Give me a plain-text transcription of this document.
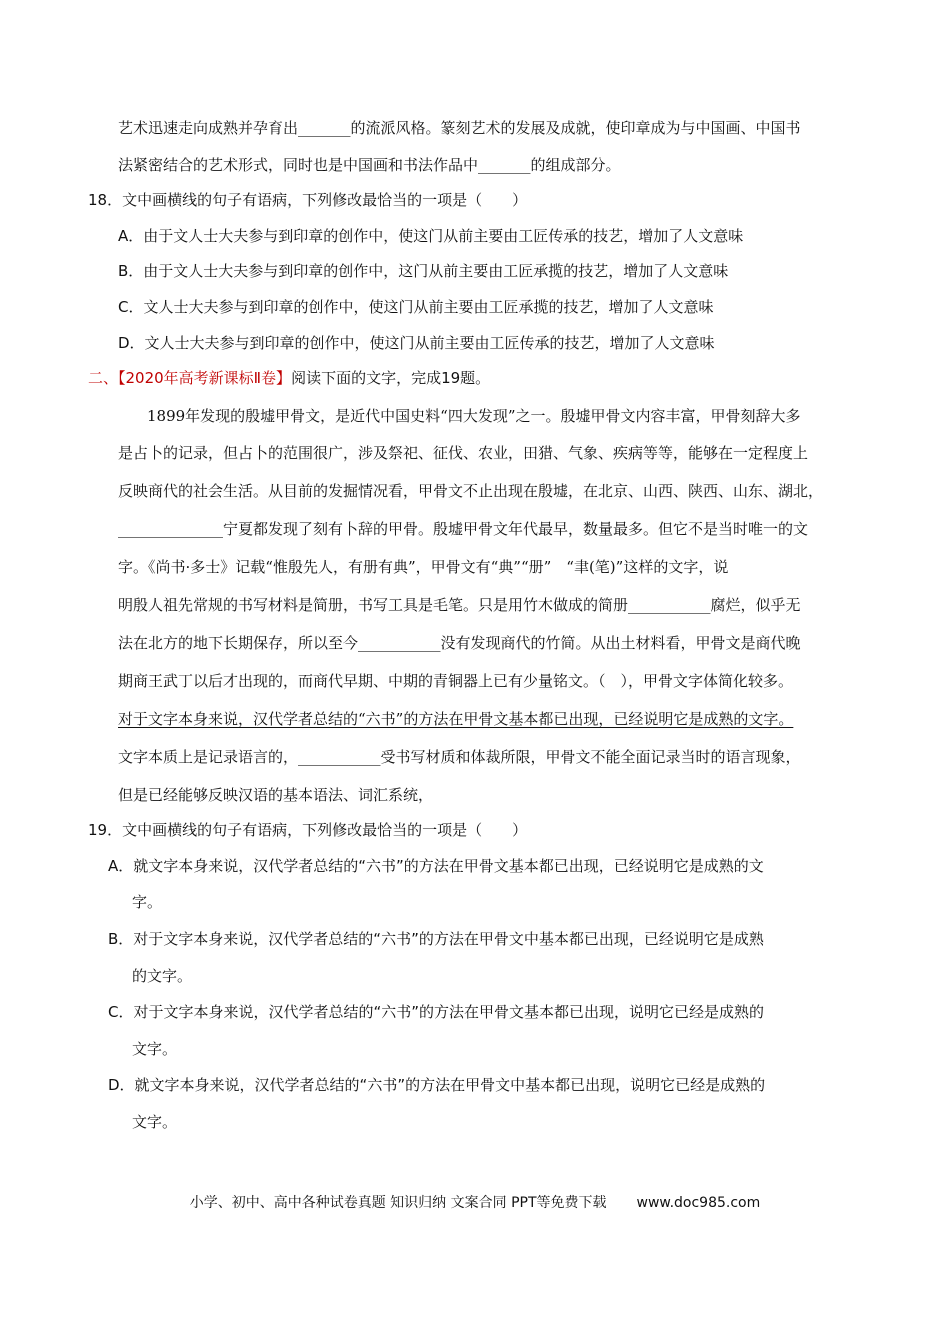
艺术迅速走向成熟并孕育出_______的流派风格。篆刻艺术的发展及成就，使印章成为与中国画、中国书
法紧密结合的艺术形式，同时也是中国画和书法作品中_______的组成部分。
18．文中画横线的句子有语病，下列修改最恰当的一项是（　　）
A．由于文人士大夫参与到印章的创作中，使这门从前主要由工匠传承的技艺，增加了人文意味
B．由于文人士大夫参与到印章的创作中，这门从前主要由工匠承揽的技艺，增加了人文意味
C．文人士大夫参与到印章的创作中，使这门从前主要由工匠承揽的技艺，增加了人文意味
D．文人士大夫参与到印章的创作中，使这门从前主要由工匠传承的技艺，增加了人文意味
二、【2020年高考新课标Ⅱ卷】阅读下面的文字，完成19题。
1899年发现的殷墟甲骨文，是近代中国史料“四大发现”之一。殷墟甲骨文内容丰富，甲骨刻辞大多
是占卜的记录，但占卜的范围很广，涉及祭祀、征伐、农业，田猎、气象、疾病等等，能够在一定程度上
反映商代的社会生活。从目前的发掘情况看，甲骨文不止出现在殷墟，在北京、山西、陕西、山东、湖北，
______________宁夏都发现了刻有卜辞的甲骨。殷墟甲骨文年代最早，数量最多。但它不是当时唯一的文
字。《尚书·多士》记载“惟殷先人，有册有典”，甲骨文有“典”“册”　“聿(笔)”这样的文字，说
明殷人祖先常规的书写材料是简册，书写工具是毛笔。只是用竹木做成的简册___________腐烂，似乎无
法在北方的地下长期保存，所以至今___________没有发现商代的竹简。从出土材料看，甲骨文是商代晚
期商王武丁以后才出现的，而商代早期、中期的青铜器上已有少量铭文。（　），甲骨文字体简化较多。
对于文字本身来说，汉代学者总结的“六书”的方法在甲骨文基本都已出现，已经说明它是成熟的文字。
文字本质上是记录语言的，___________受书写材质和体裁所限，甲骨文不能全面记录当时的语言现象，
但是已经能够反映汉语的基本语法、词汇系统，
19．文中画横线的句子有语病，下列修改最恰当的一项是（　　）
A．就文字本身来说，汉代学者总结的“六书”的方法在甲骨文基本都已出现，已经说明它是成熟的文
字。
B．对于文字本身来说，汉代学者总结的“六书”的方法在甲骨文中基本都已出现，已经说明它是成熟
的文字。
C．对于文字本身来说，汉代学者总结的“六书”的方法在甲骨文基本都已出现，说明它已经是成熟的
文字。
D．就文字本身来说，汉代学者总结的“六书”的方法在甲骨文中基本都已出现，说明它已经是成熟的
文字。
小学、初中、高中各种试卷真题 知识归纳 文案合同 PPT等免费下载 www.doc985.com
